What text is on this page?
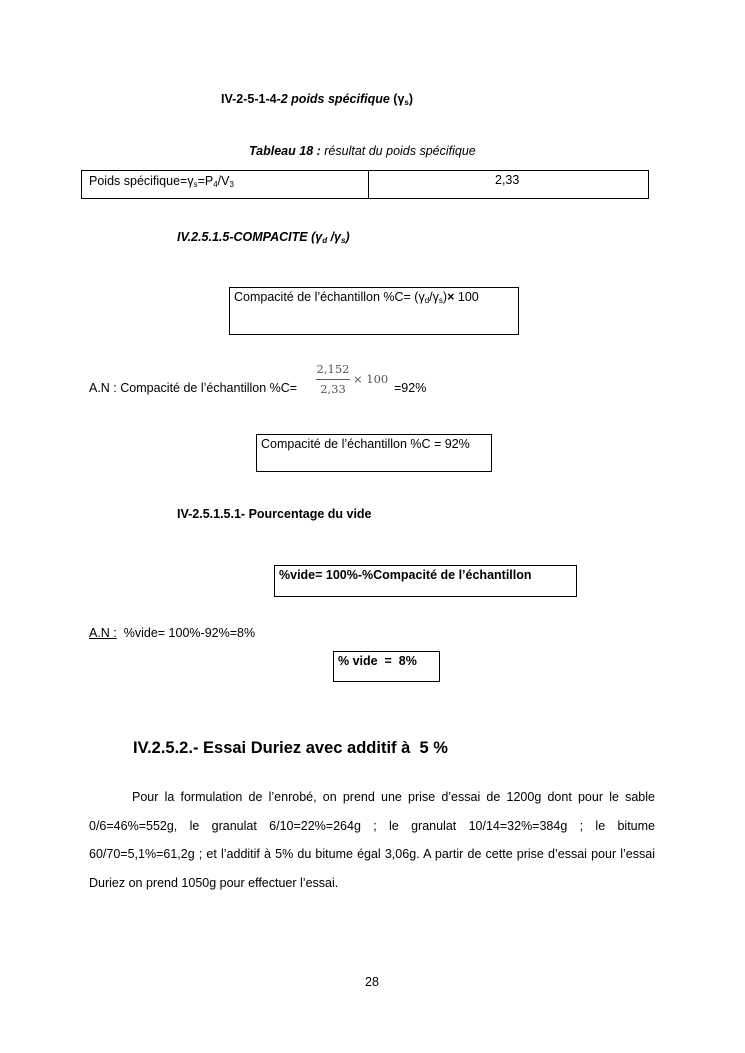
IV-2-5-1-4-2 poids spécifique $(\gamma_s)$
Tableau 18 : résultat du poids spécifique
Poids $spécifique=\gamma_s=P_4/V_3$	2,33
IV.2.5.1.5-COMPACITE ($\gamma_d$ $/\gamma_s$)
Compacité de l’échantillon $\%C= (\gamma_d/\gamma_s)\times 100$
A.N : Compacité de l’échantillon %C=
2,152
2,33
× 100
=92%
Compacité de l’échantillon %C = 92%
IV-2.5.1.5.1- Pourcentage du vide
%vide= 100%-%Compacité de l’échantillon
A.N :  %vide= 100%-92%=8%
% vide  =  8%
IV.2.5.2.- Essai Duriez avec additif à  5 %
Pour la formulation de l’enrobé, on prend une prise d’essai de 1200g dont pour le sable 0/6=46%=552g, le granulat 6/10=22%=264g ; le granulat 10/14=32%=384g ; le bitume 60/70=5,1%=61,2g ; et l’additif à 5% du bitume égal 3,06g. A partir de cette prise d’essai pour l’essai Duriez on prend 1050g pour effectuer l’essai.
28
